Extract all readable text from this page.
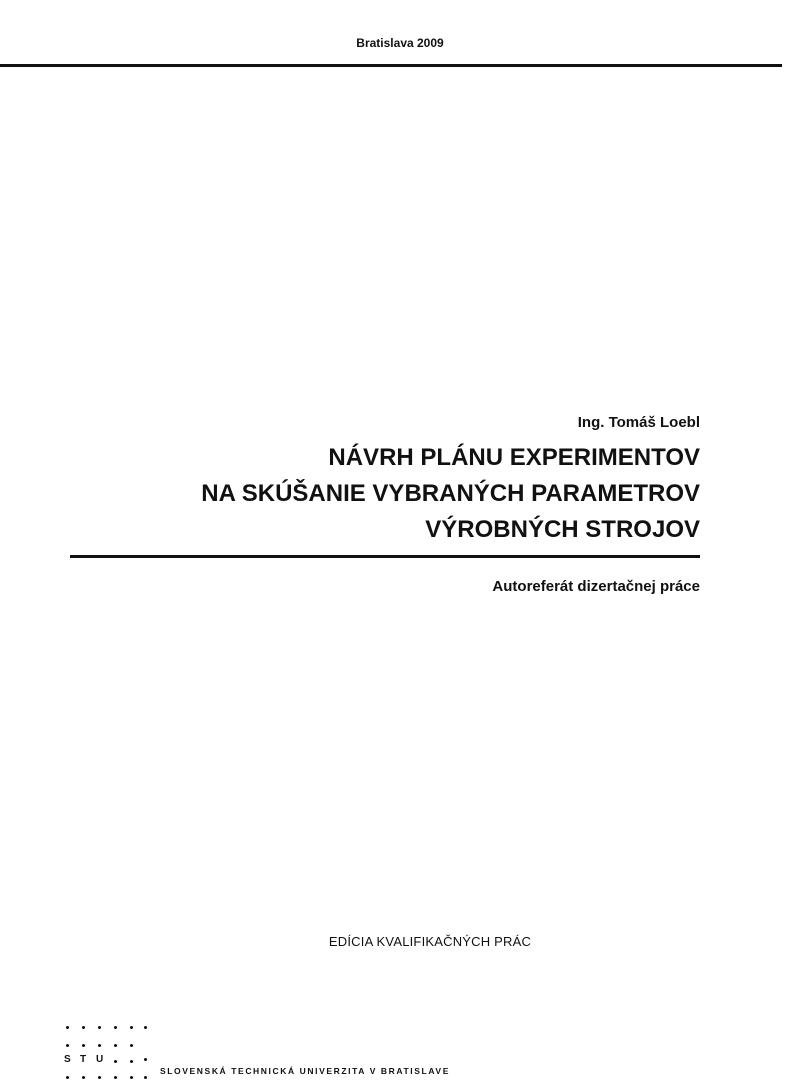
Bratislava 2009
Ing. Tomáš Loebl
NÁVRH PLÁNU EXPERIMENTOV
NA SKÚŠANIE VYBRANÝCH PARAMETROV
VÝROBNÝCH STROJOV
Autoreferát dizertačnej práce
EDÍCIA KVALIFIKAČNÝCH PRÁC
S T U
SLOVENSKÁ TECHNICKÁ UNIVERZITA V BRATISLAVE
